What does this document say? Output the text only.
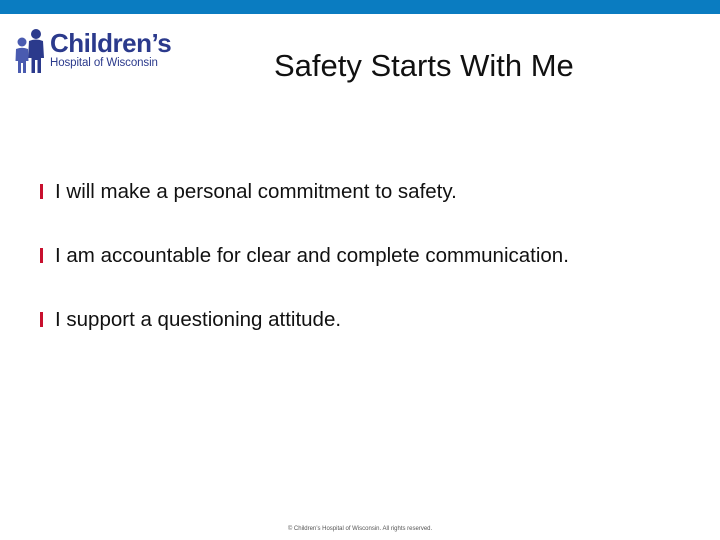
Children’s
Hospital of Wisconsin	Safety Starts With Me
I will make a personal commitment to safety.
I am accountable for clear and complete communication.
I support a questioning attitude.
© Children’s Hospital of Wisconsin. All rights reserved.
